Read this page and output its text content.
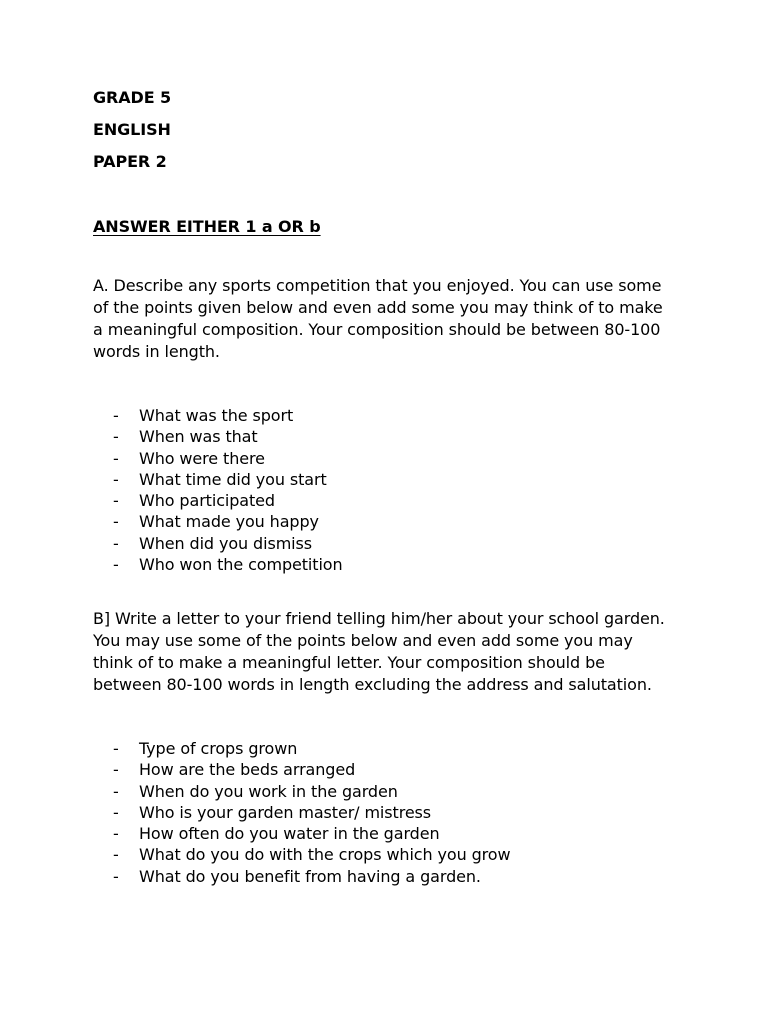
GRADE 5
ENGLISH
PAPER 2
ANSWER EITHER 1 a OR b
A. Describe any sports competition that you enjoyed. You can use some
of the points given below and even add some you may think of to make
a meaningful composition. Your composition should be between 80-100
words in length.
- What was the sport
- When was that
- Who were there
- What time did you start
- Who participated
- What made you happy
- When did you dismiss
- Who won the competition
B] Write a letter to your friend telling him/her about your school garden.
You may use some of the points below and even add some you may
think of to make a meaningful letter. Your composition should be
between 80-100 words in length excluding the address and salutation.
- Type of crops grown
- How are the beds arranged
- When do you work in the garden
- Who is your garden master/ mistress
- How often do you water in the garden
- What do you do with the crops which you grow
- What do you benefit from having a garden.
